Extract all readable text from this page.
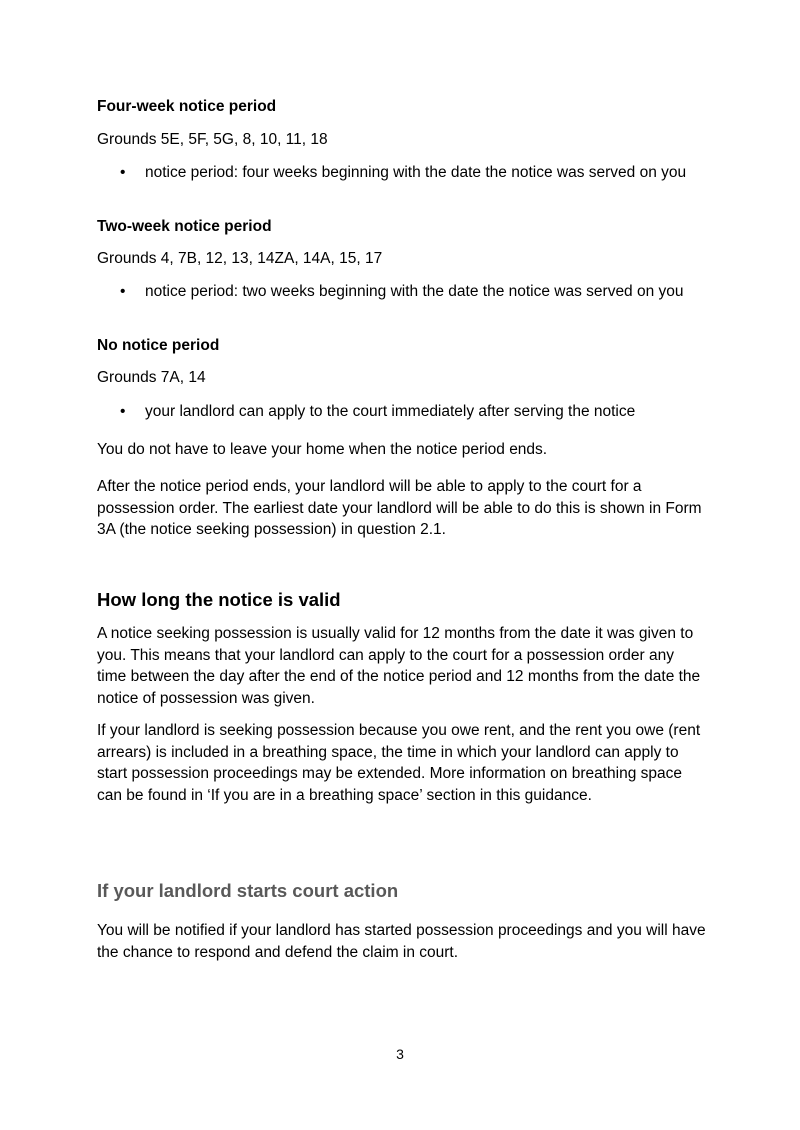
Four-week notice period
Grounds 5E, 5F, 5G, 8, 10, 11, 18
• notice period: four weeks beginning with the date the notice was served on you
Two-week notice period
Grounds 4, 7B, 12, 13, 14ZA, 14A, 15, 17
• notice period: two weeks beginning with the date the notice was served on you
No notice period
Grounds 7A, 14
• your landlord can apply to the court immediately after serving the notice
You do not have to leave your home when the notice period ends.
After the notice period ends, your landlord will be able to apply to the court for a possession order. The earliest date your landlord will be able to do this is shown in Form 3A (the notice seeking possession) in question 2.1.
How long the notice is valid
A notice seeking possession is usually valid for 12 months from the date it was given to you. This means that your landlord can apply to the court for a possession order any time between the day after the end of the notice period and 12 months from the date the notice of possession was given.
If your landlord is seeking possession because you owe rent, and the rent you owe (rent arrears) is included in a breathing space, the time in which your landlord can apply to start possession proceedings may be extended. More information on breathing space can be found in ‘If you are in a breathing space’ section in this guidance.
If your landlord starts court action
You will be notified if your landlord has started possession proceedings and you will have the chance to respond and defend the claim in court.
3
